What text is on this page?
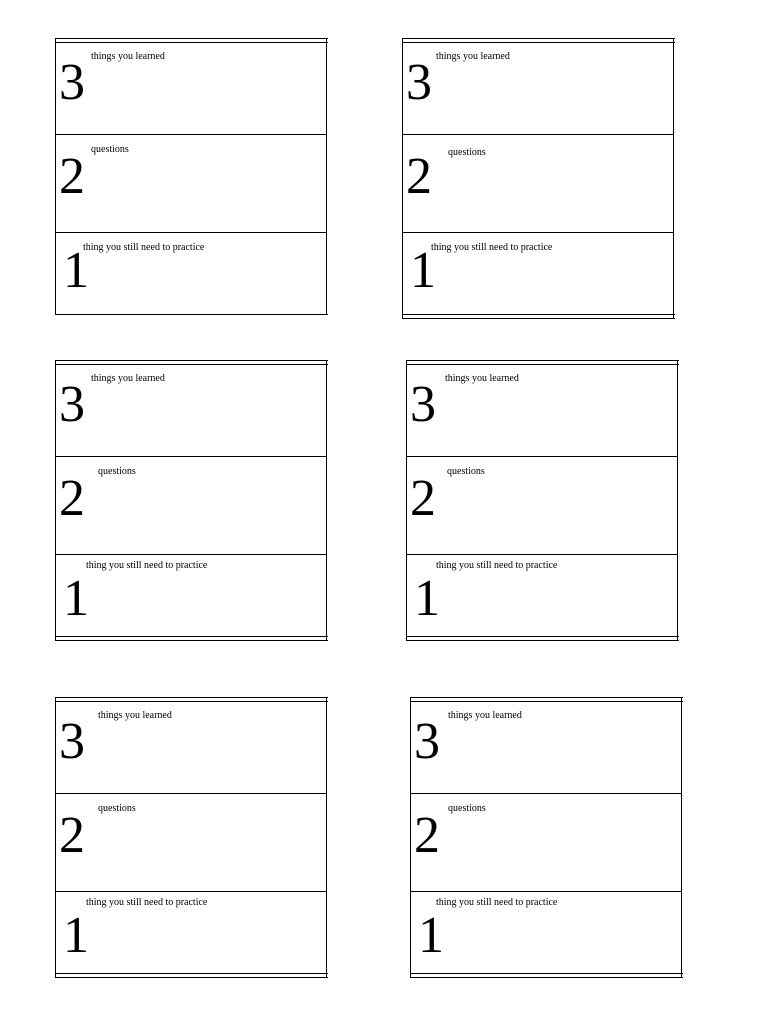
3 things you learned
2 questions
1
thing you still need to practice
3 things you learned
2 questions
1
thing you still need to practice
3 things you learned
2 questions
1
thing you still need to practice
3 things you learned
2 questions
1
thing you still need to practice
3 things you learned
2 questions
1
thing you still need to practice
3 things you learned
2 questions
1
thing you still need to practice
